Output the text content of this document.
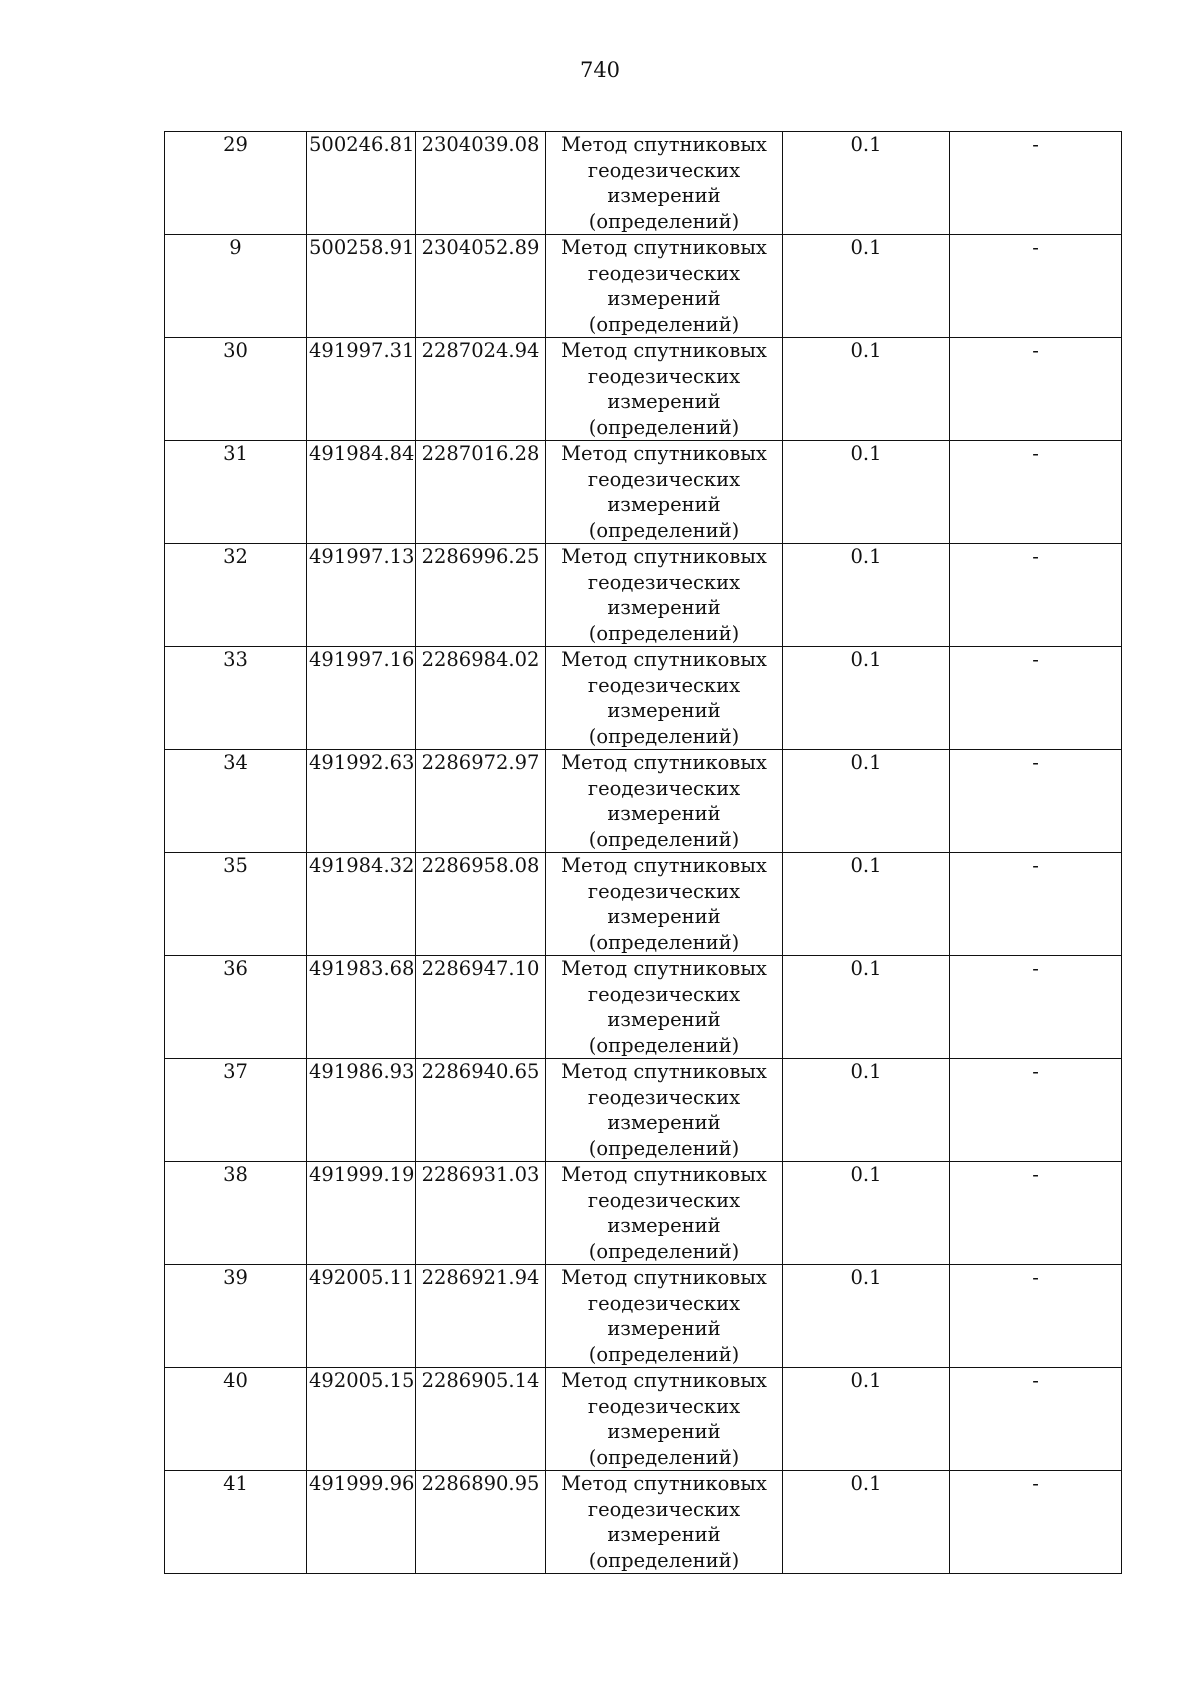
740
29	500246.81	2304039.08	Метод спутниковых геодезических измерений (определений)	0.1	-
9	500258.91	2304052.89	Метод спутниковых геодезических измерений (определений)	0.1	-
30	491997.31	2287024.94	Метод спутниковых геодезических измерений (определений)	0.1	-
31	491984.84	2287016.28	Метод спутниковых геодезических измерений (определений)	0.1	-
32	491997.13	2286996.25	Метод спутниковых геодезических измерений (определений)	0.1	-
33	491997.16	2286984.02	Метод спутниковых геодезических измерений (определений)	0.1	-
34	491992.63	2286972.97	Метод спутниковых геодезических измерений (определений)	0.1	-
35	491984.32	2286958.08	Метод спутниковых геодезических измерений (определений)	0.1	-
36	491983.68	2286947.10	Метод спутниковых геодезических измерений (определений)	0.1	-
37	491986.93	2286940.65	Метод спутниковых геодезических измерений (определений)	0.1	-
38	491999.19	2286931.03	Метод спутниковых геодезических измерений (определений)	0.1	-
39	492005.11	2286921.94	Метод спутниковых геодезических измерений (определений)	0.1	-
40	492005.15	2286905.14	Метод спутниковых геодезических измерений (определений)	0.1	-
41	491999.96	2286890.95	Метод спутниковых геодезических измерений (определений)	0.1	-
